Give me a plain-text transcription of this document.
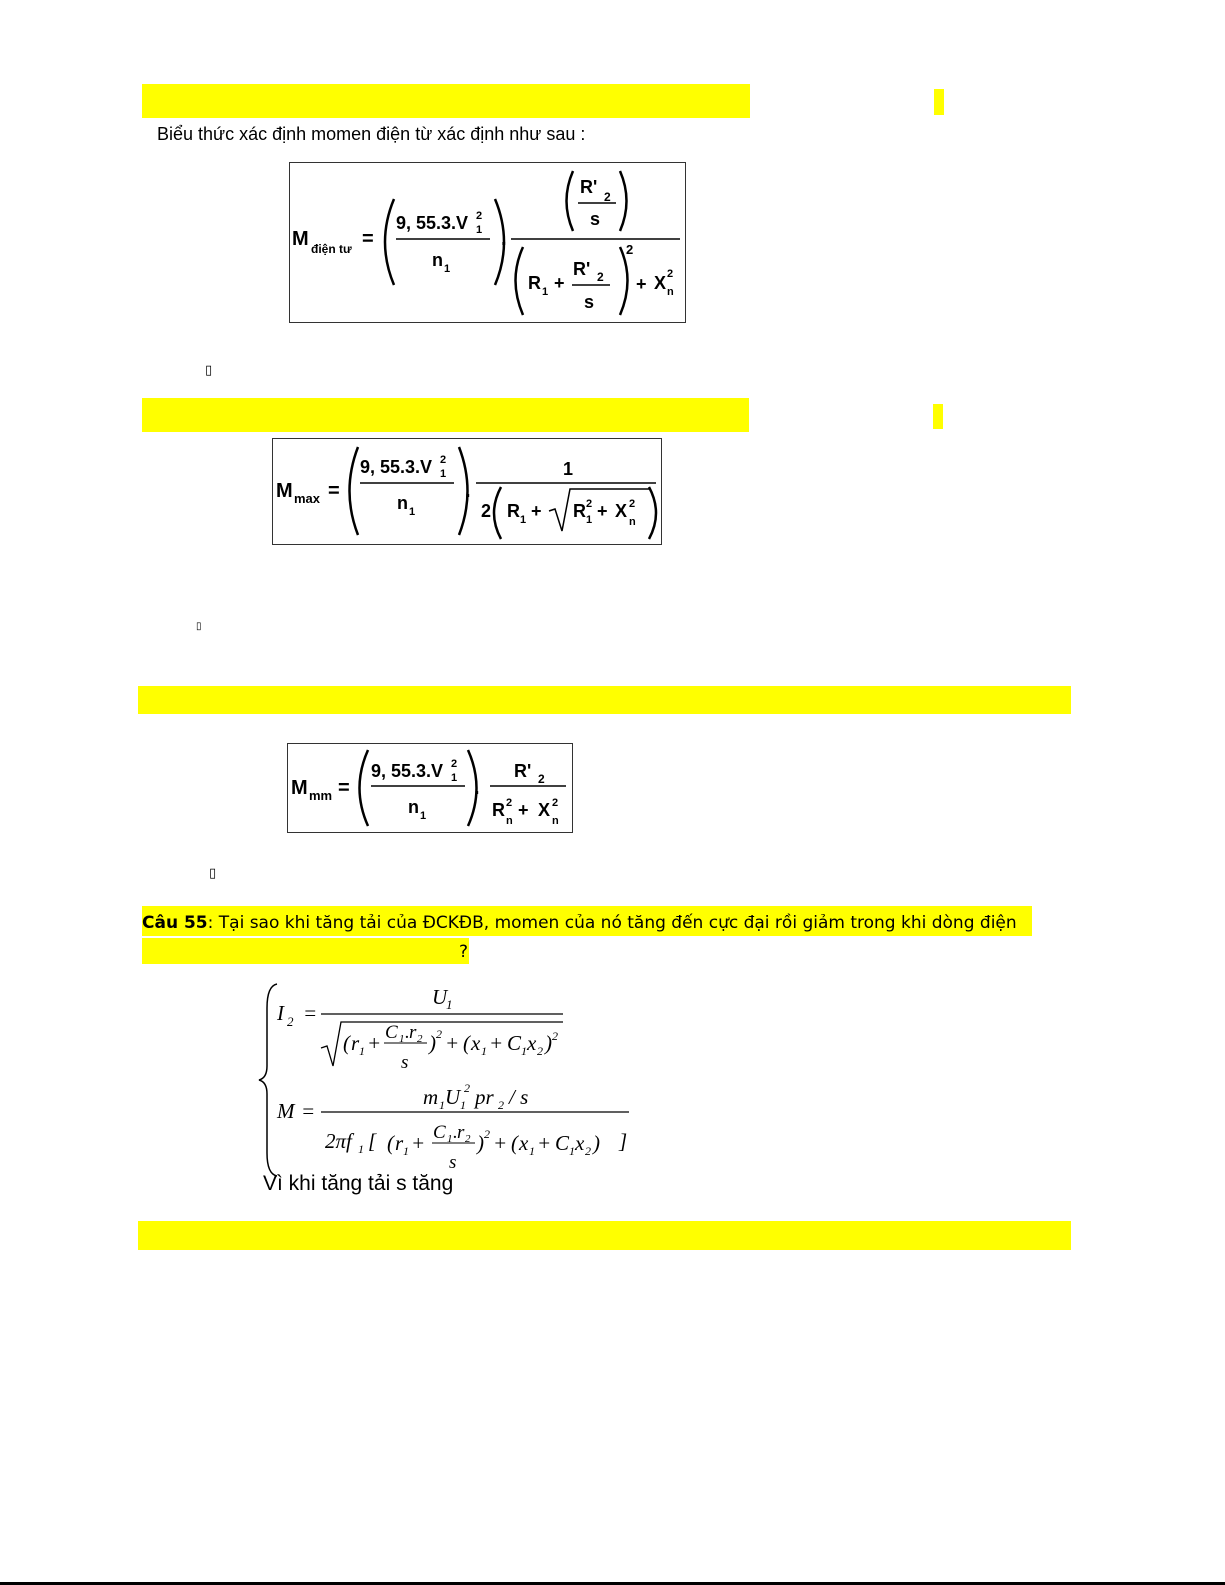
Biểu thức xác định momen điện từ xác định như sau :
M điện tư =
9, 55.3.V 2
1
n 1
.
R' 2
s
R 1 +
R' 2
s
2
+ X 2
n
▯
M max =
9, 55.3.V 2
1
n 1
.
1
2 R 1 + R 2
1 + X 2
n
▯
M mm =
9, 55.3.V 2
1
n 1
.
R' 2
R 2
n
+ X 2
n
▯
Câu 55: Tại sao khi tăng tải của ĐCKĐB, momen của nó tăng đến cực đại rồi giảm trong khi dòng điện
?
I 2 =
U
1
( r 1 + C 1 . r 2
s
) 2 + ( x 1 + C 1 x 2 ) 2
M =
m 1 U 1
2 pr 2 / s
2πf 1 [ ( r 1 + C 1 . r 2
s
) 2 + ( x 1 + C 1 x 2 ) ]
Vì khi tăng tải s tăng
